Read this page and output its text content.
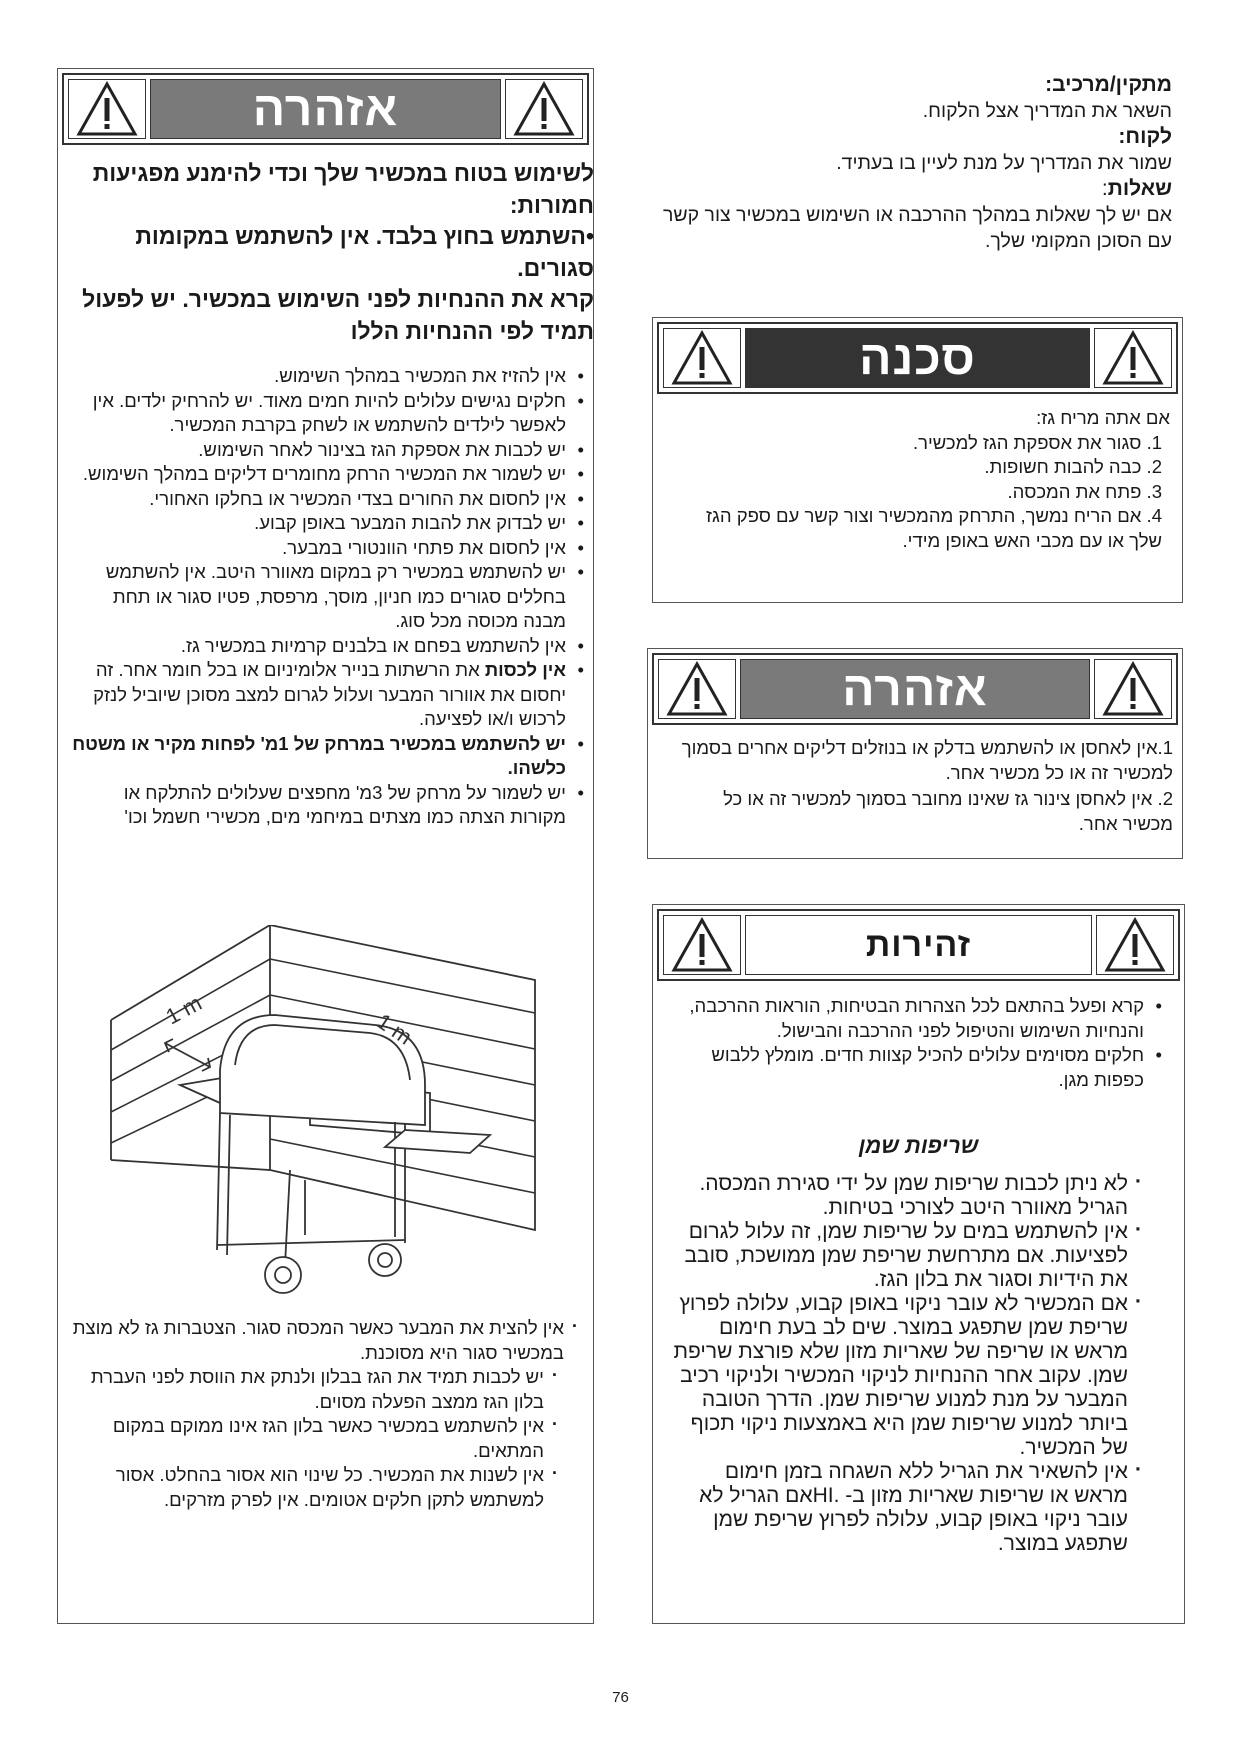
מתקין/מרכיב:
השאר את המדריך אצל הלקוח.
לקוח:
שמור את המדריך על מנת לעיין בו בעתיד.
שאלות:
אם יש לך שאלות במהלך ההרכבה או השימוש במכשיר צור קשר עם הסוכן המקומי שלך.
אזהרה
לשימוש בטוח במכשיר שלך וכדי להימנע מפגיעות חמורות:
•השתמש בחוץ בלבד. אין להשתמש במקומות סגורים.
קרא את ההנחיות לפני השימוש במכשיר. יש לפעול תמיד לפי ההנחיות הללו
• אין להזיז את המכשיר במהלך השימוש.
• חלקים נגישים עלולים להיות חמים מאוד. יש להרחיק ילדים. אין לאפשר לילדים להשתמש או לשחק בקרבת המכשיר.
• יש לכבות את אספקת הגז בצינור לאחר השימוש.
• יש לשמור את המכשיר הרחק מחומרים דליקים במהלך השימוש.
• אין לחסום את החורים בצדי המכשיר או בחלקו האחורי.
• יש לבדוק את להבות המבער באופן קבוע.
• אין לחסום את פתחי הוונטורי במבער.
• יש להשתמש במכשיר רק במקום מאוורר היטב. אין להשתמש בחללים סגורים כמו חניון, מוסך, מרפסת, פטיו סגור או תחת מבנה מכוסה מכל סוג.
• אין להשתמש בפחם או בלבנים קרמיות במכשיר גז.
• אין לכסות את הרשתות בנייר אלומיניום או בכל חומר אחר. זה יחסום את אוורור המבער ועלול לגרום למצב מסוכן שיוביל לנזק לרכוש ו/או לפציעה.
• יש להשתמש במכשיר במרחק של 1מ' לפחות מקיר או משטח כלשהו.
• יש לשמור על מרחק של 3מ' מחפצים שעלולים להתלקח או מקורות הצתה כמו מצתים במיחמי מים, מכשירי חשמל וכו'
1 m	1 m
· אין להצית את המבער כאשר המכסה סגור. הצטברות גז לא מוצת במכשיר סגור היא מסוכנת.
· יש לכבות תמיד את הגז בבלון ולנתק את הווסת לפני העברת בלון הגז ממצב הפעלה מסוים.
· אין להשתמש במכשיר כאשר בלון הגז אינו ממוקם במקום המתאים.
· אין לשנות את המכשיר. כל שינוי הוא אסור בהחלט. אסור למשתמש לתקן חלקים אטומים. אין לפרק מזרקים.
סכנה
אם אתה מריח גז:
1. סגור את אספקת הגז למכשיר.
2. כבה להבות חשופות.
3. פתח את המכסה.
4. אם הריח נמשך, התרחק מהמכשיר וצור קשר עם ספק הגז שלך או עם מכבי האש באופן מידי.
אזהרה
1.אין לאחסן או להשתמש בדלק או בנוזלים דליקים אחרים בסמוך למכשיר זה או כל מכשיר אחר.
2. אין לאחסן צינור גז שאינו מחובר בסמוך למכשיר זה או כל מכשיר אחר.
זהירות
• קרא ופעל בהתאם לכל הצהרות הבטיחות, הוראות ההרכבה, והנחיות השימוש והטיפול לפני ההרכבה והבישול.
• חלקים מסוימים עלולים להכיל קצוות חדים. מומלץ ללבוש כפפות מגן.
שריפות שמן
· לא ניתן לכבות שריפות שמן על ידי סגירת המכסה. הגריל מאוורר היטב לצורכי בטיחות.
· אין להשתמש במים על שריפות שמן, זה עלול לגרום לפציעות. אם מתרחשת שריפת שמן ממושכת, סובב את הידיות וסגור את בלון הגז.
· אם המכשיר לא עובר ניקוי באופן קבוע, עלולה לפרוץ שריפת שמן שתפגע במוצר. שים לב בעת חימום מראש או שריפה של שאריות מזון שלא פורצת שריפת שמן. עקוב אחר ההנחיות לניקוי המכשיר ולניקוי רכיב המבער על מנת למנוע שריפות שמן. הדרך הטובה ביותר למנוע שריפות שמן היא באמצעות ניקוי תכוף של המכשיר.
· אין להשאיר את הגריל ללא השגחה בזמן חימום מראש או שריפות שאריות מזון ב- .HIאם הגריל לא עובר ניקוי באופן קבוע, עלולה לפרוץ שריפת שמן שתפגע במוצר.
76
